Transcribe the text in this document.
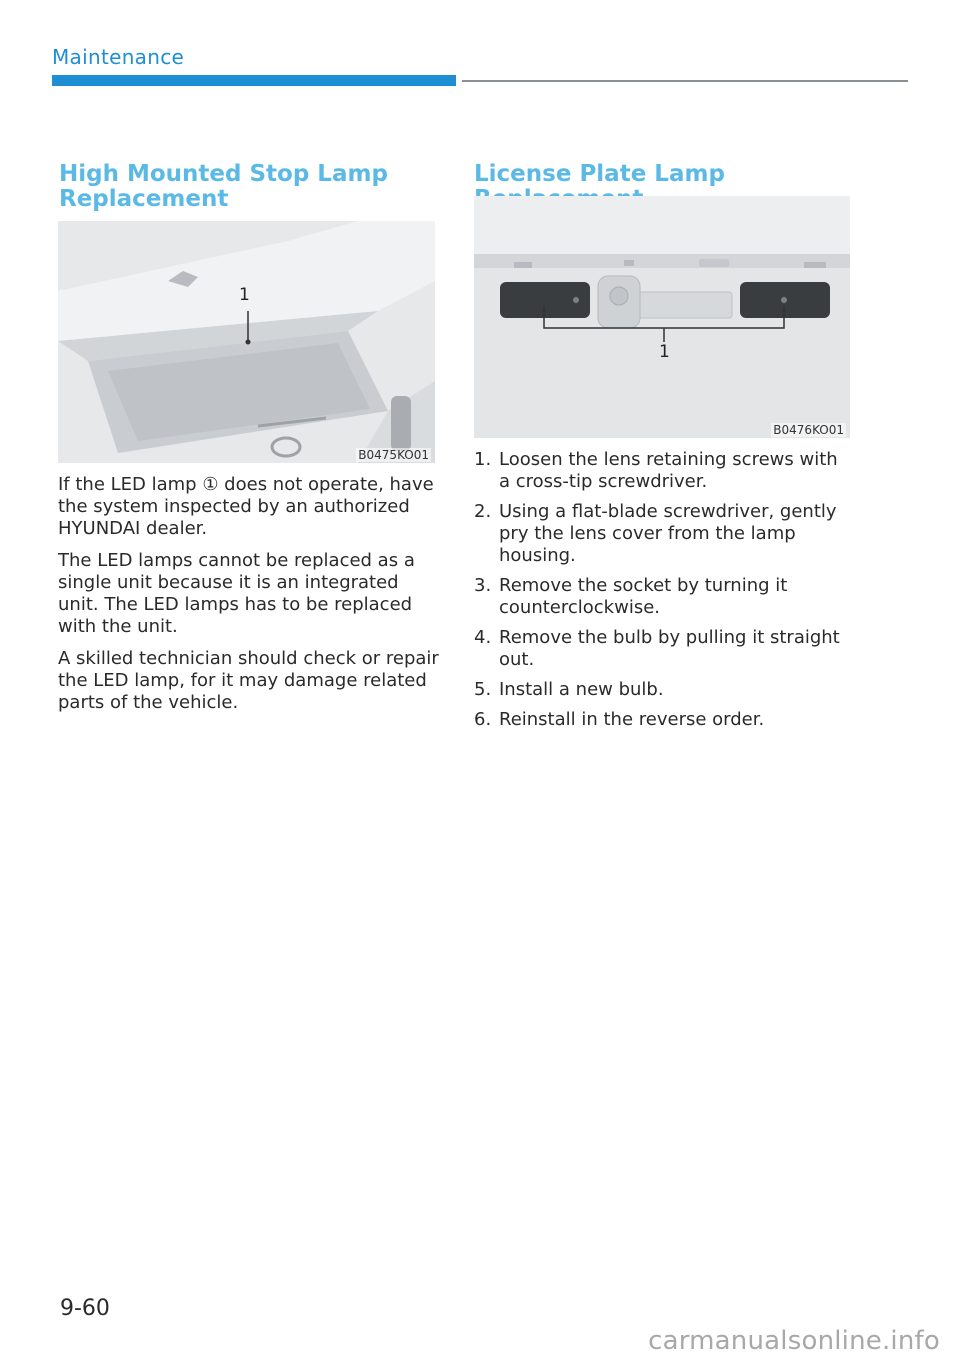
Maintenance
High Mounted Stop Lamp Replacement
1
B0475KO01

If the LED lamp ① does not operate, have the system inspected by an authorized HYUNDAI dealer.

The LED lamps cannot be replaced as a single unit because it is an integrated unit. The LED lamps has to be replaced with the unit.

A skilled technician should check or repair the LED lamp, for it may damage related parts of the vehicle.

License Plate Lamp
1
B0476KO01
1. Loosen the lens retaining screws with a cross-tip screwdriver.
2. Using a flat-blade screwdriver, gently pry the lens cover from the lamp housing.
3. Remove the socket by turning it counterclockwise.
4. Remove the bulb by pulling it straight out.
5. Install a new bulb.
6. Reinstall in the reverse order.
9-60
carmanualsonline.info
